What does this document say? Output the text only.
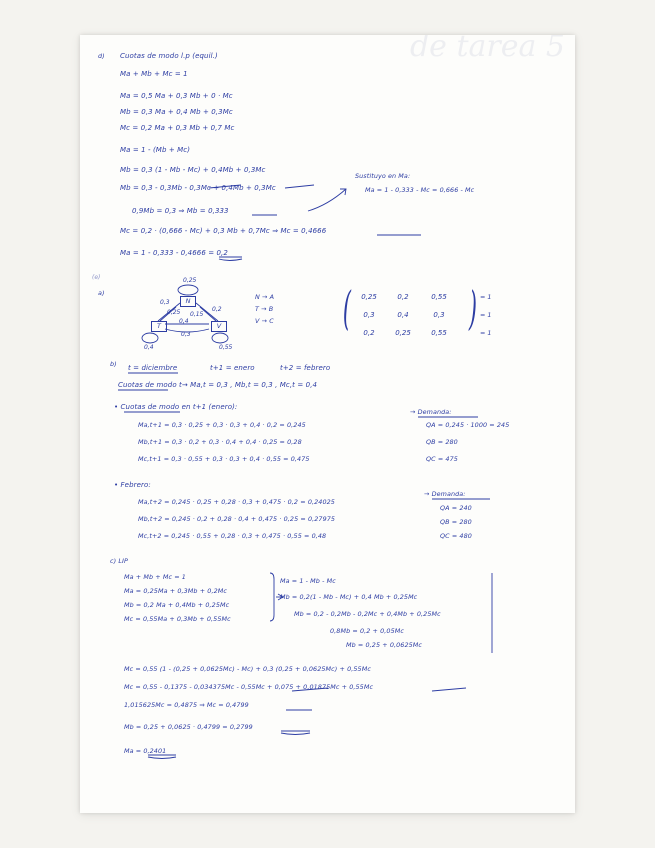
de tarea 5
d) Cuotas de modo l.p (equil.)
Ma + Mb + Mc = 1
Ma = 0,5 Ma + 0,3 Mb + 0 · Mc
Mb = 0,3 Ma + 0,4 Mb + 0,3Mc
Mc = 0,2 Ma + 0,3 Mb + 0,7 Mc
Ma = 1 - (Mb + Mc)
Mb = 0,3 (1 - Mb - Mc) + 0,4Mb + 0,3Mc
Mb = 0,3 - 0,3Mb - 0,3Mc + 0,4Mb + 0,3Mc
0,9Mb = 0,3 ⇒ Mb = 0,333
Mc = 0,2 · (0,666 - Mc) + 0,3 Mb + 0,7Mc ⇒ Mc = 0,4666
Ma = 1 - 0,333 - 0,4666 = 0,2
Sustituyo en Ma:
Ma = 1 - 0,333 - Mc = 0,666 - Mc
(e)
a)
N
T	V
0,25
0,4	0,55
0,3
0,2
0,25 0,15
0,4
0,3
N → A
T → B
V → C (	)
0,25	0,2	0,55
0,3	0,4	0,3
0,2	0,25	0,55
= 1
= 1
= 1
b) t = diciembre	t+1 = enero	t+2 = febrero
Cuotas de modo t→ Ma,t = 0,3 , Mb,t = 0,3 , Mc,t = 0,4
• Cuotas de modo en t+1 (enero):
Ma,t+1 = 0,3 · 0,25 + 0,3 · 0,3 + 0,4 · 0,2 = 0,245
Mb,t+1 = 0,3 · 0,2 + 0,3 · 0,4 + 0,4 · 0,25 = 0,28
Mc,t+1 = 0,3 · 0,55 + 0,3 · 0,3 + 0,4 · 0,55 = 0,475
→ Demanda:
QA = 0,245 · 1000 = 245
QB = 280
QC = 475
• Febrero:
Ma,t+2 = 0,245 · 0,25 + 0,28 · 0,3 + 0,475 · 0,2 = 0,24025
Mb,t+2 = 0,245 · 0,2 + 0,28 · 0,4 + 0,475 · 0,25 = 0,27975
Mc,t+2 = 0,245 · 0,55 + 0,28 · 0,3 + 0,475 · 0,55 = 0,48
→ Demanda:
QA = 240
QB = 280
QC = 480
c) LIP
Ma + Mb + Mc = 1
Ma = 0,25Ma + 0,3Mb + 0,2Mc
Mb = 0,2 Ma + 0,4Mb + 0,25Mc
Mc = 0,55Ma + 0,3Mb + 0,55Mc
Ma = 1 - Mb - Mc
Mb = 0,2(1 - Mb - Mc) + 0,4 Mb + 0,25Mc
Mb = 0,2 - 0,2Mb - 0,2Mc + 0,4Mb + 0,25Mc
0,8Mb = 0,2 + 0,05Mc
Mb = 0,25 + 0,0625Mc
Mc = 0,55 (1 - (0,25 + 0,0625Mc) - Mc) + 0,3 (0,25 + 0,0625Mc) + 0,55Mc
Mc = 0,55 - 0,1375 - 0,034375Mc - 0,55Mc + 0,075 + 0,01875Mc + 0,55Mc
1,015625Mc = 0,4875 ⇒ Mc = 0,4799
Mb = 0,25 + 0,0625 · 0,4799 = 0,2799
Ma = 0,2401
